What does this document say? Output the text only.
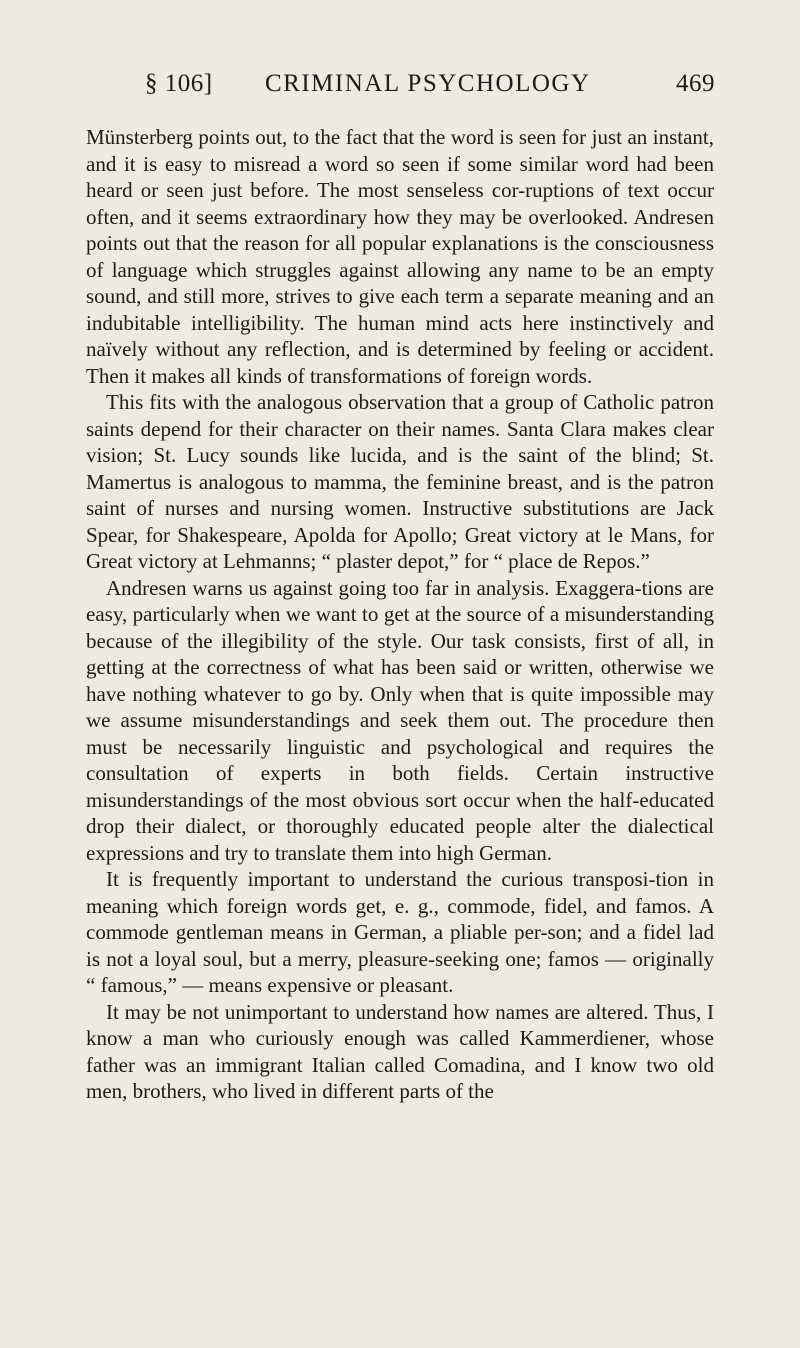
§ 106] CRIMINAL PSYCHOLOGY	469

Münsterberg points out, to the fact that the word is seen for just an instant, and it is easy to misread a word so seen if some similar word had been heard or seen just before. The most senseless cor-ruptions of text occur often, and it seems extraordinary how they may be overlooked. Andresen points out that the reason for all popular explanations is the consciousness of language which struggles against allowing any name to be an empty sound, and still more, strives to give each term a separate meaning and an indubitable intelligibility. The human mind acts here instinctively and naïvely without any reflection, and is determined by feeling or accident. Then it makes all kinds of transformations of foreign words.

This fits with the analogous observation that a group of Catholic patron saints depend for their character on their names. Santa Clara makes clear vision; St. Lucy sounds like lucida, and is the saint of the blind; St. Mamertus is analogous to mamma, the feminine breast, and is the patron saint of nurses and nursing women. Instructive substitutions are Jack Spear, for Shakespeare, Apolda for Apollo; Great victory at le Mans, for Great victory at Lehmanns; “ plaster depot,” for “ place de Repos.”

Andresen warns us against going too far in analysis. Exaggera-tions are easy, particularly when we want to get at the source of a misunderstanding because of the illegibility of the style. Our task consists, first of all, in getting at the correctness of what has been said or written, otherwise we have nothing whatever to go by. Only when that is quite impossible may we assume misunderstandings and seek them out. The procedure then must be necessarily linguistic and psychological and requires the consultation of experts in both fields. Certain instructive misunderstandings of the most obvious sort occur when the half-educated drop their dialect, or thoroughly educated people alter the dialectical expressions and try to translate them into high German.

It is frequently important to understand the curious transposi-tion in meaning which foreign words get, e. g., commode, fidel, and famos. A commode gentleman means in German, a pliable per-son; and a fidel lad is not a loyal soul, but a merry, pleasure-seeking one; famos — originally “ famous,” — means expensive or pleasant.

It may be not unimportant to understand how names are altered. Thus, I know a man who curiously enough was called Kammerdiener, whose father was an immigrant Italian called Comadina, and I know two old men, brothers, who lived in different parts of the
